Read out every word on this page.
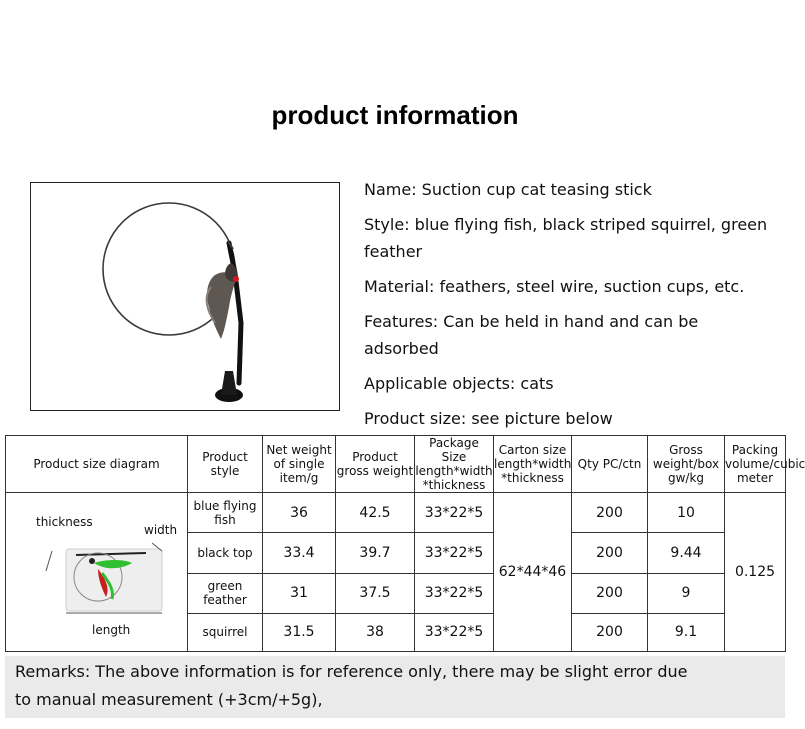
product information

Name: Suction cup cat teasing stick

Style: blue flying fish, black striped squirrel, green feather

Material: feathers, steel wire, suction cups, etc.

Features: Can be held in hand and can be adsorbed

Applicable objects: cats

Product size: see picture below

Product size diagram	Product style	Net weight of single item/g	Product gross weight	Package Size length*width *thickness	Carton size length*width *thickness	Qty PC/ctn	Gross weight/box gw/kg	Packing volume/cubic meter

thickness
width
length	blue flying fish	36	42.5	33*22*5	62*44*46	200	10	0.125
	black top	33.4	39.7	33*22*5		200	9.44	
	green feather	31	37.5	33*22*5		200	9	
	squirrel	31.5	38	33*22*5		200	9.1	
Remarks: The above information is for reference only, there may be slight error due
to manual measurement (+3cm/+5g),
